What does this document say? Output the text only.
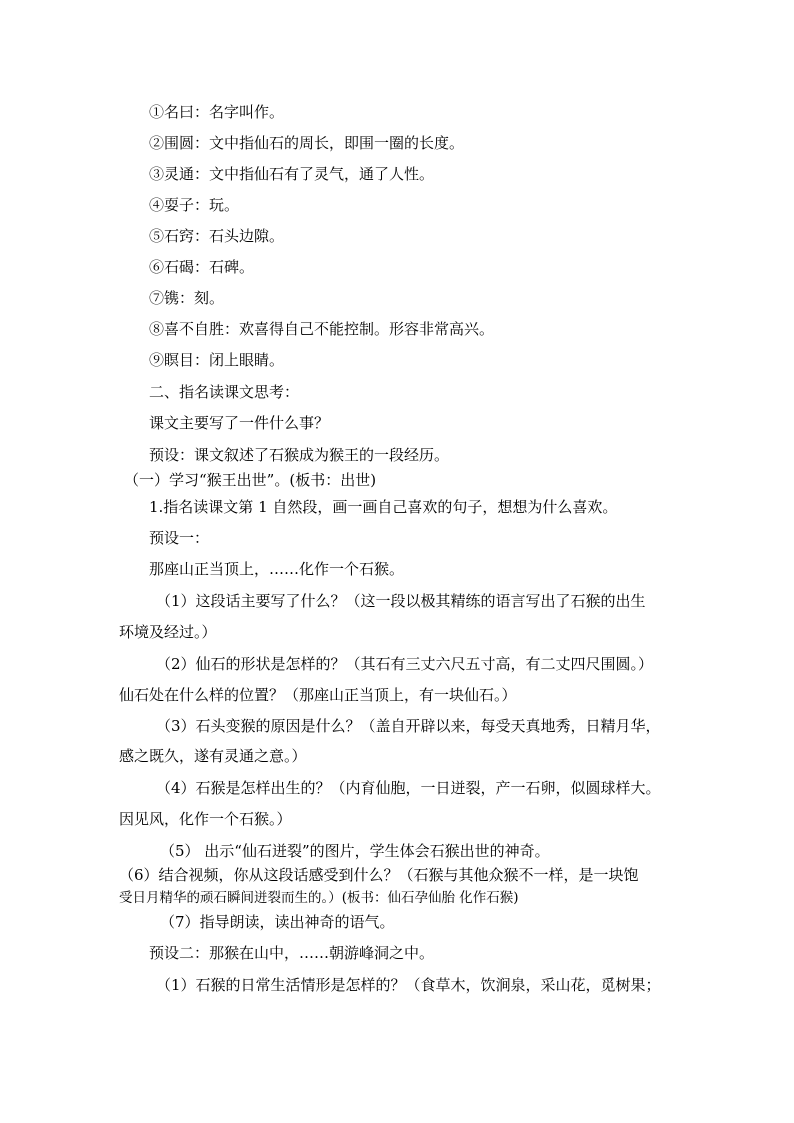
①名曰：名字叫作。
②围圆：文中指仙石的周长，即围一圈的长度。
③灵通：文中指仙石有了灵气，通了人性。
④耍子：玩。
⑤石窍：石头边隙。
⑥石碣：石碑。
⑦镌：刻。
⑧喜不自胜：欢喜得自己不能控制。形容非常高兴。
⑨瞑目：闭上眼睛。
二、指名读课文思考：
课文主要写了一件什么事？
预设：课文叙述了石猴成为猴王的一段经历。
（一）学习“猴王出世”。(板书：出世)
1.指名读课文第 1 自然段，画一画自己喜欢的句子，想想为什么喜欢。
预设一：
那座山正当顶上，……化作一个石猴。
（1）这段话主要写了什么？（这一段以极其精练的语言写出了石猴的出生
环境及经过。）
（2）仙石的形状是怎样的？（其石有三丈六尺五寸高，有二丈四尺围圆。）
仙石处在什么样的位置？（那座山正当顶上，有一块仙石。）
（3）石头变猴的原因是什么？（盖自开辟以来，每受天真地秀，日精月华，
感之既久，遂有灵通之意。）
（4）石猴是怎样出生的？（内育仙胞，一日迸裂，产一石卵，似圆球样大。
因见风，化作一个石猴。）
（5） 出示“仙石迸裂”的图片，学生体会石猴出世的神奇。
（6）结合视频，你从这段话感受到什么？（石猴与其他众猴不一样，是一块饱
受日月精华的顽石瞬间迸裂而生的。）(板书：仙石孕仙胎 化作石猴)
（7）指导朗读，读出神奇的语气。
预设二：那猴在山中，……朝游峰洞之中。
（1）石猴的日常生活情形是怎样的？（食草木，饮涧泉，采山花，觅树果；
